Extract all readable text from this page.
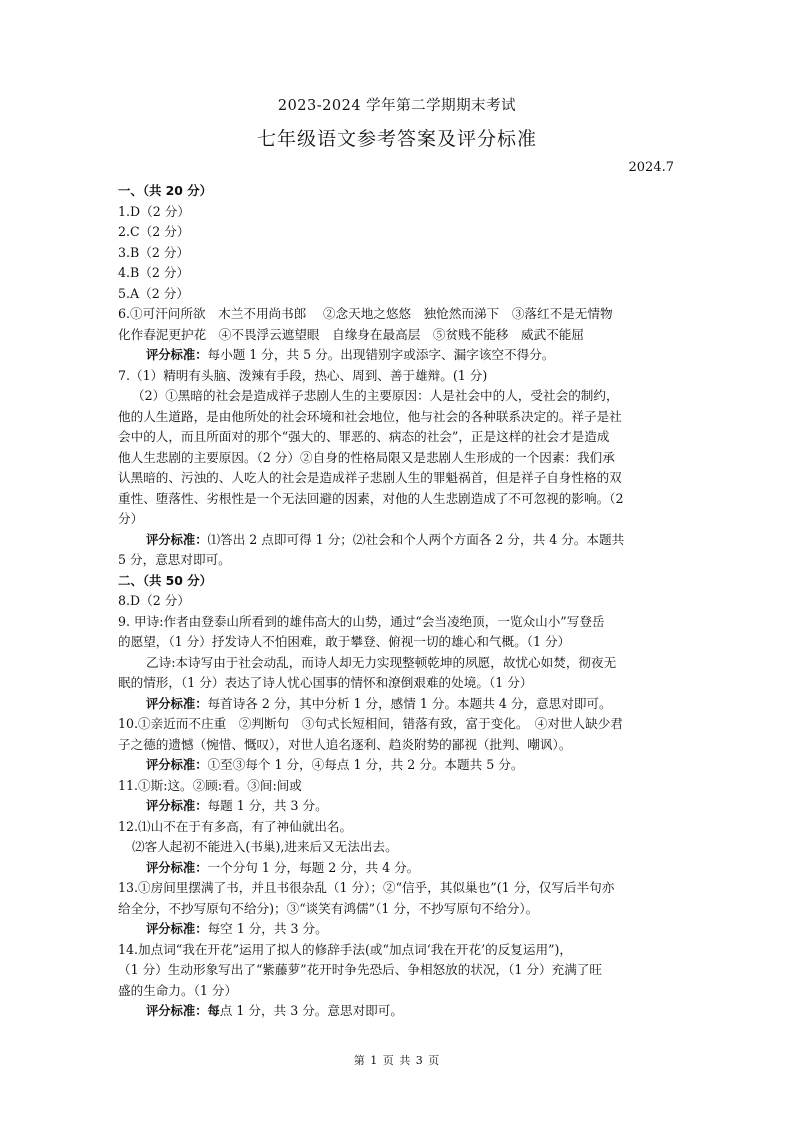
2023-2024 学年第二学期期末考试
七年级语文参考答案及评分标准
2024.7
一、（共 20 分）
1.D（2 分）
2.C（2 分）
3.B（2 分）
4.B（2 分）
5.A（2 分）
6.①可汗问所欲　木兰不用尚书郎　 ②念天地之悠悠　独怆然而涕下　③落红不是无情物
化作春泥更护花　④不畏浮云遮望眼　自缘身在最高层　⑤贫贱不能移　威武不能屈
评分标准：每小题 1 分，共 5 分。出现错别字或添字、漏字该空不得分。
7.（1）精明有头脑、泼辣有手段，热心、周到、善于雄辩。(1 分)
（2）①黑暗的社会是造成祥子悲剧人生的主要原因：人是社会中的人，受社会的制约，
他的人生道路，是由他所处的社会环境和社会地位，他与社会的各种联系决定的。祥子是社
会中的人，而且所面对的那个“强大的、罪恶的、病态的社会”，正是这样的社会才是造成
他人生悲剧的主要原因。（2 分）②自身的性格局限又是悲剧人生形成的一个因素：我们承
认黑暗的、污浊的、人吃人的社会是造成祥子悲剧人生的罪魁祸首，但是祥子自身性格的双
重性、堕落性、劣根性是一个无法回避的因素，对他的人生悲剧造成了不可忽视的影响。（2
分）
评分标准：⑴答出 2 点即可得 1 分；⑵社会和个人两个方面各 2 分，共 4 分。本题共
5 分，意思对即可。
二、（共 50 分）
8.D（2 分）
9. 甲诗:作者由登泰山所看到的雄伟高大的山势，通过“会当凌绝顶，一览众山小”写登岳
的愿望，（1 分）抒发诗人不怕困难，敢于攀登、俯视一切的雄心和气概。（1 分）
乙诗:本诗写由于社会动乱，而诗人却无力实现整顿乾坤的夙愿，故忧心如焚，彻夜无
眠的情形，（1 分）表达了诗人忧心国事的情怀和潦倒艰难的处境。（1 分）
评分标准：每首诗各 2 分，其中分析 1 分，感情 1 分。本题共 4 分，意思对即可。
10.①亲近而不庄重　②判断句　③句式长短相间，错落有致，富于变化。　④对世人缺少君
子之德的遗憾（惋惜、慨叹），对世人追名逐利、趋炎附势的鄙视（批判、嘲讽）。
评分标准：①至③每个 1 分，④每点 1 分，共 2 分。本题共 5 分。
11.①斯:这。②顾:看。③间:间或
评分标准：每题 1 分，共 3 分。
12.⑴山不在于有多高，有了神仙就出名。
⑵客人起初不能进入(书巢),进来后又无法出去。
评分标准：一个分句 1 分，每题 2 分，共 4 分。
13.①房间里摆满了书，并且书很杂乱（1 分）；②“信乎，其似巢也”(1 分，仅写后半句亦
给全分，不抄写原句不给分)；③“谈笑有鸿儒”（1 分，不抄写原句不给分）。
评分标准：每空 1 分，共 3 分。
14.加点词“我在开花”运用了拟人的修辞手法(或“加点词‘我在开花’的反复运用”)，
（1 分）生动形象写出了“紫藤萝”花开时争先恐后、争相怒放的状况，（1 分）充满了旺
盛的生命力。（1 分）
评分标准：每点 1 分，共 3 分。意思对即可。
第 1 页 共 3 页
